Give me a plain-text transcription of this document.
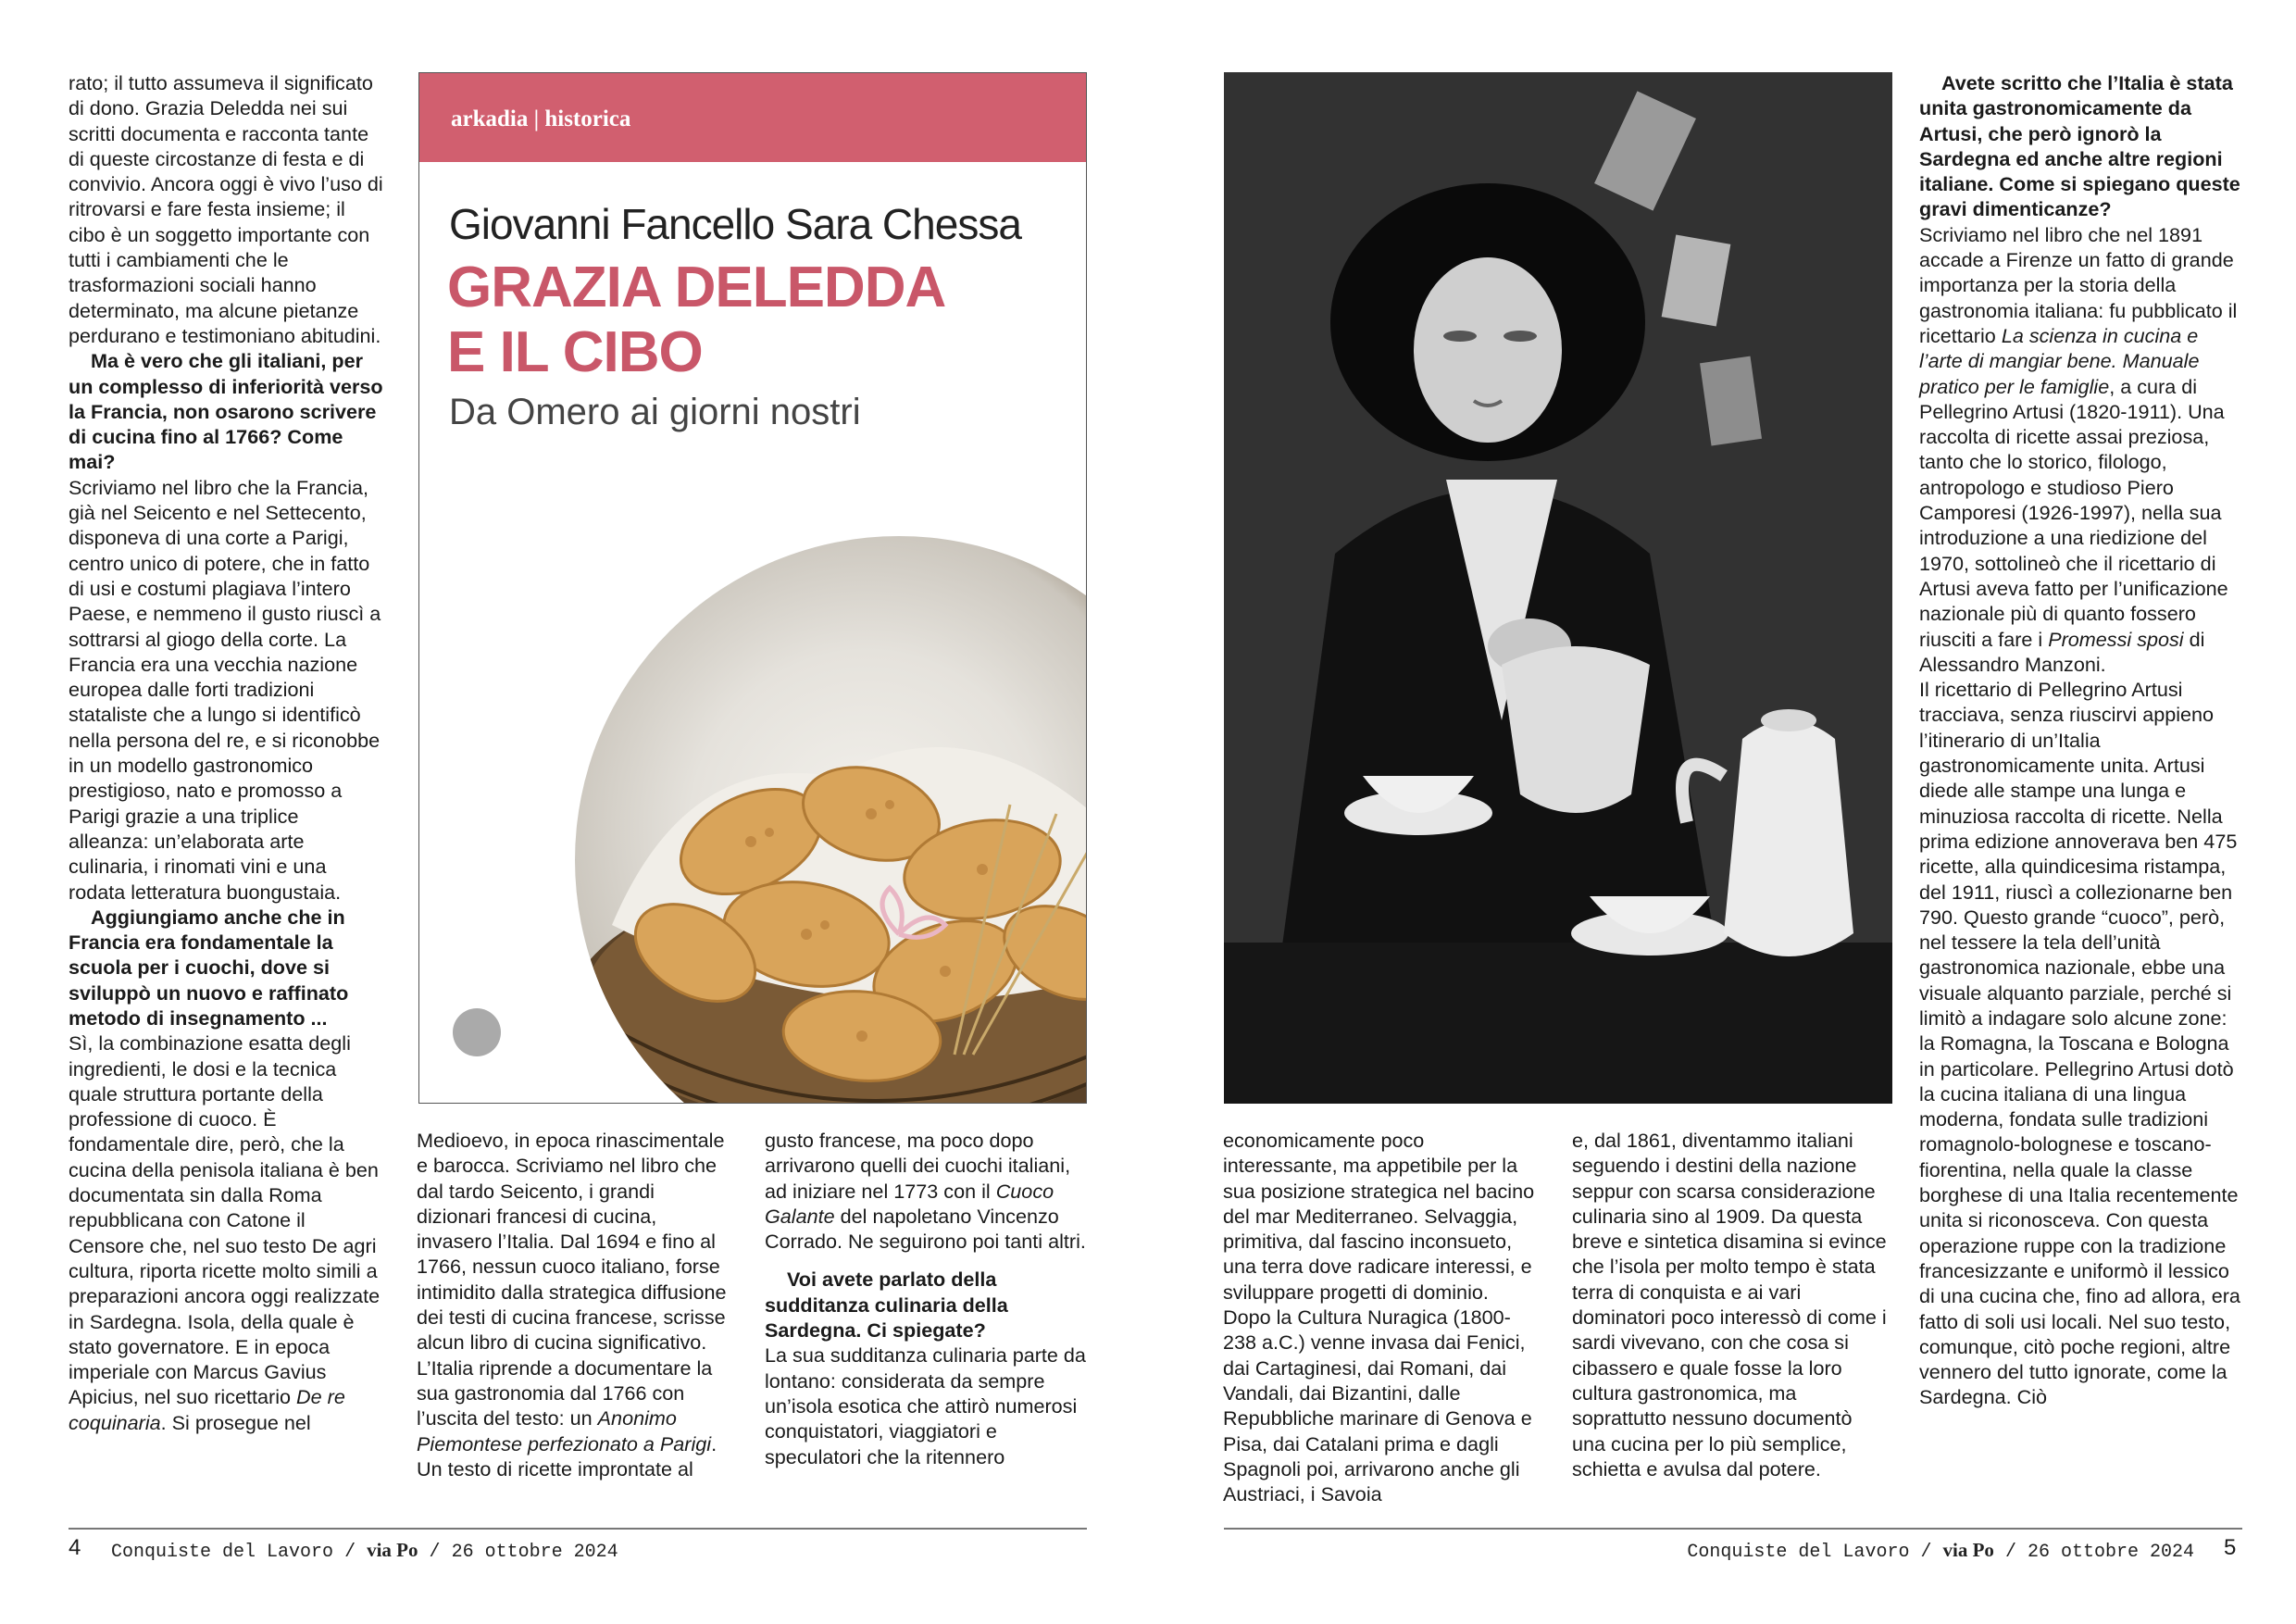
rato; il tutto assumeva il significato di dono. Grazia Deledda nei sui scritti documenta e racconta tante di queste circostanze di festa e di convivio. Ancora oggi è vivo l’uso di ritrovarsi e fare festa insieme; il cibo è un soggetto importante con tutti i cambiamenti che le trasformazioni sociali hanno determinato, ma alcune pietanze perdurano e testimoniano abitudini.

Ma è vero che gli italiani, per un complesso di inferiorità verso la Francia, non osarono scrivere di cucina fino al 1766? Come mai?

Scriviamo nel libro che la Francia, già nel Seicento e nel Settecento, disponeva di una corte a Parigi, centro unico di potere, che in fatto di usi e costumi plagiava l’intero Paese, e nemmeno il gusto riuscì a sottrarsi al giogo della corte. La Francia era una vecchia nazione europea dalle forti tradizioni stataliste che a lungo si identificò nella persona del re, e si riconobbe in un modello gastronomico prestigioso, nato e promosso a Parigi grazie a una triplice alleanza: un’elaborata arte culinaria, i rinomati vini e una rodata letteratura buongustaia.

Aggiungiamo anche che in Francia era fondamentale la scuola per i cuochi, dove si sviluppò un nuovo e raffinato metodo di insegnamento ...

Sì, la combinazione esatta degli ingredienti, le dosi e la tecnica quale struttura portante della professione di cuoco. È fondamentale dire, però, che la cucina della penisola italiana è ben documentata sin dalla Roma repubblicana con Catone il Censore che, nel suo testo De agri cultura, riporta ricette molto simili a preparazioni ancora oggi realizzate in Sardegna. Isola, della quale è stato governatore. E in epoca imperiale con Marcus Gavius Apicius, nel suo ricettario De re coquinaria. Si prosegue nel

arkadia | historica
Giovanni Fancello Sara Chessa
GRAZIA DELEDDA
E IL CIBO
Da Omero ai giorni nostri

Medioevo, in epoca rinascimentale e barocca. Scriviamo nel libro che dal tardo Seicento, i grandi dizionari francesi di cucina, invasero l’Italia. Dal 1694 e fino al 1766, nessun cuoco italiano, forse intimidito dalla strategica diffusione dei testi di cucina francese, scrisse alcun libro di cucina significativo. L’Italia riprende a documentare la sua gastronomia dal 1766 con l’uscita del testo: un Anonimo Piemontese perfezionato a Parigi. Un testo di ricette improntate al

gusto francese, ma poco dopo arrivarono quelli dei cuochi italiani, ad iniziare nel 1773 con il Cuoco Galante del napoletano Vincenzo Corrado. Ne seguirono poi tanti altri.

Voi avete parlato della sudditanza culinaria della Sardegna. Ci spiegate?

La sua sudditanza culinaria parte da lontano: considerata da sempre un’isola esotica che attirò numerosi conquistatori, viaggiatori e speculatori che la ritennero

4 Conquiste del Lavoro / via Po / 26 ottobre 2024

economicamente poco interessante, ma appetibile per la sua posizione strategica nel bacino del mar Mediterraneo. Selvaggia, primitiva, dal fascino inconsueto, una terra dove radicare interessi, e sviluppare progetti di dominio. Dopo la Cultura Nuragica (1800-238 a.C.) venne invasa dai Fenici, dai Cartaginesi, dai Romani, dai Vandali, dai Bizantini, dalle Repubbliche marinare di Genova e Pisa, dai Catalani prima e dagli Spagnoli poi, arrivarono anche gli Austriaci, i Savoia

e, dal 1861, diventammo italiani seguendo i destini della nazione seppur con scarsa considerazione culinaria sino al 1909. Da questa breve e sintetica disamina si evince che l’isola per molto tempo è stata terra di conquista e ai vari dominatori poco interessò di come i sardi vivevano, con che cosa si cibassero e quale fosse la loro cultura gastronomica, ma soprattutto nessuno documentò una cucina per lo più semplice, schietta e avulsa dal potere.

Avete scritto che l’Italia è stata unita gastronomicamente da Artusi, che però ignorò la Sardegna ed anche altre regioni italiane. Come si spiegano queste gravi dimenticanze?

Scriviamo nel libro che nel 1891 accade a Firenze un fatto di grande importanza per la storia della gastronomia italiana: fu pubblicato il ricettario La scienza in cucina e l’arte di mangiar bene. Manuale pratico per le famiglie, a cura di Pellegrino Artusi (1820-1911). Una raccolta di ricette assai preziosa, tanto che lo storico, filologo, antropologo e studioso Piero Camporesi (1926-1997), nella sua introduzione a una riedizione del 1970, sottolineò che il ricettario di Artusi aveva fatto per l’unificazione nazionale più di quanto fossero riusciti a fare i Promessi sposi di Alessandro Manzoni.

Il ricettario di Pellegrino Artusi tracciava, senza riuscirvi appieno l’itinerario di un’Italia gastronomicamente unita. Artusi diede alle stampe una lunga e minuziosa raccolta di ricette. Nella prima edizione annoverava ben 475 ricette, alla quindicesima ristampa, del 1911, riuscì a collezionarne ben 790. Questo grande “cuoco”, però, nel tessere la tela dell’unità gastronomica nazionale, ebbe una visuale alquanto parziale, perché si limitò a indagare solo alcune zone: la Romagna, la Toscana e Bologna in particolare. Pellegrino Artusi dotò la cucina italiana di una lingua moderna, fondata sulle tradizioni romagnolo-bolognese e toscano-fiorentina, nella quale la classe borghese di una Italia recentemente unita si riconosceva. Con questa operazione ruppe con la tradizione francesizzante e uniformò il lessico di una cucina che, fino ad allora, era fatto di soli usi locali. Nel suo testo, comunque, citò poche regioni, altre vennero del tutto ignorate, come la Sardegna. Ciò

Conquiste del Lavoro / via Po / 26 ottobre 2024 5
